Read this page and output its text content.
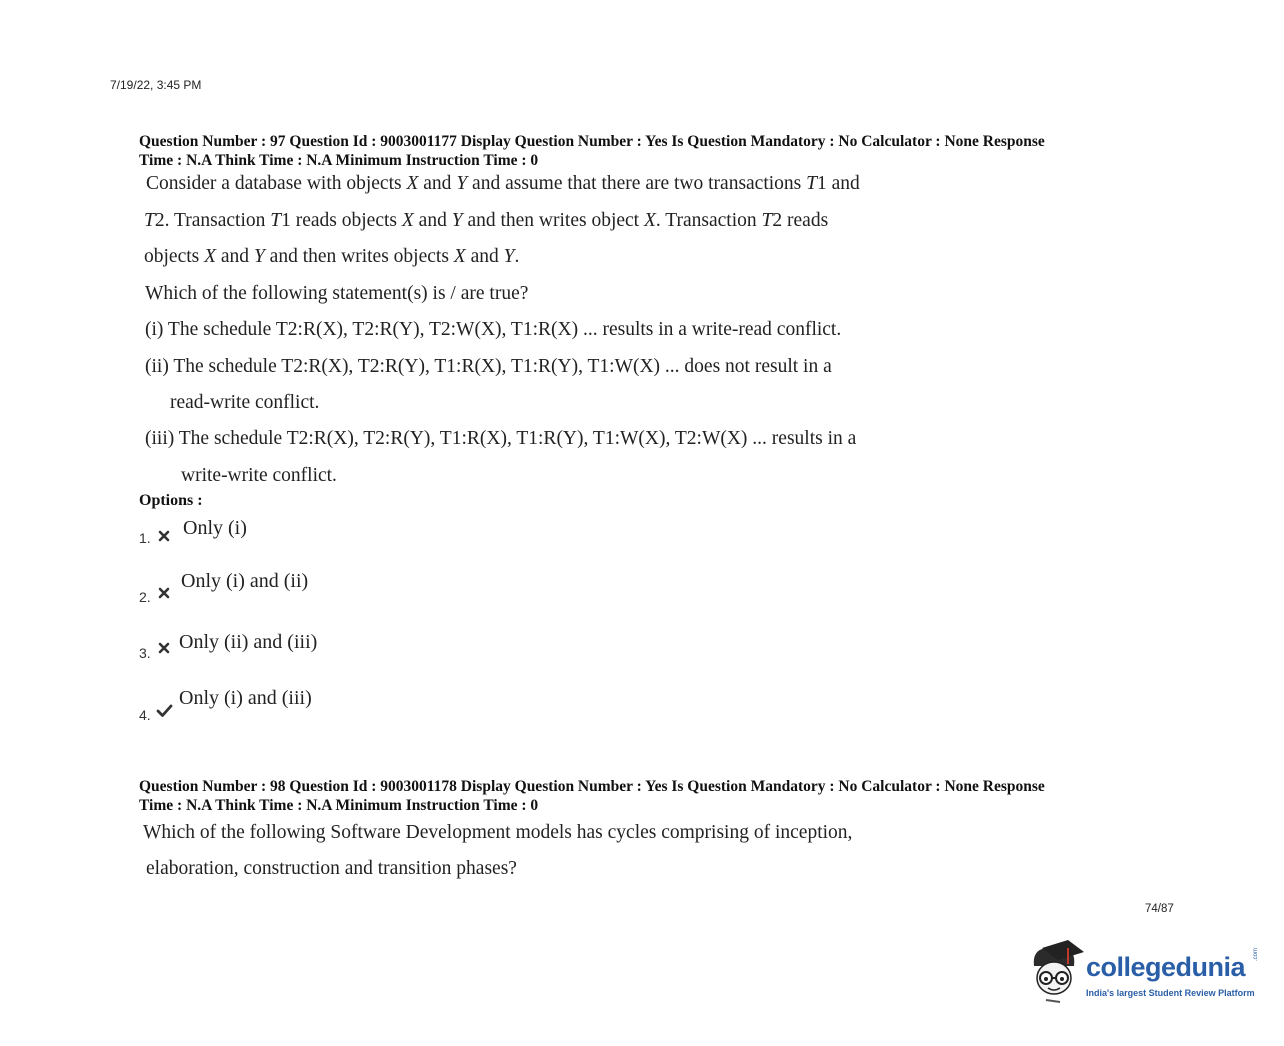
7/19/22, 3:45 PM
Question Number : 97 Question Id : 9003001177 Display Question Number : Yes Is Question Mandatory : No Calculator : None Response
Time : N.A Think Time : N.A Minimum Instruction Time : 0
Consider a database with objects X and Y and assume that there are two transactions T1 and
T2. Transaction T1 reads objects X and Y and then writes object X. Transaction T2 reads
objects X and Y and then writes objects X and Y.
Which of the following statement(s) is / are true?
(i) The schedule T2:R(X), T2:R(Y), T2:W(X), T1:R(X) ... results in a write-read conflict.
(ii) The schedule T2:R(X), T2:R(Y), T1:R(X), T1:R(Y), T1:W(X) ... does not result in a
read-write conflict.
(iii) The schedule T2:R(X), T2:R(Y), T1:R(X), T1:R(Y), T1:W(X), T2:W(X) ... results in a
write-write conflict.
Options :
1. Only (i)
2.
Only (i) and (ii)
3. Only (ii) and (iii)
4.
Only (i) and (iii)
Question Number : 98 Question Id : 9003001178 Display Question Number : Yes Is Question Mandatory : No Calculator : None Response
Time : N.A Think Time : N.A Minimum Instruction Time : 0
Which of the following Software Development models has cycles comprising of inception,
elaboration, construction and transition phases?
74/87
collegedunia .com
India's largest Student Review Platform
